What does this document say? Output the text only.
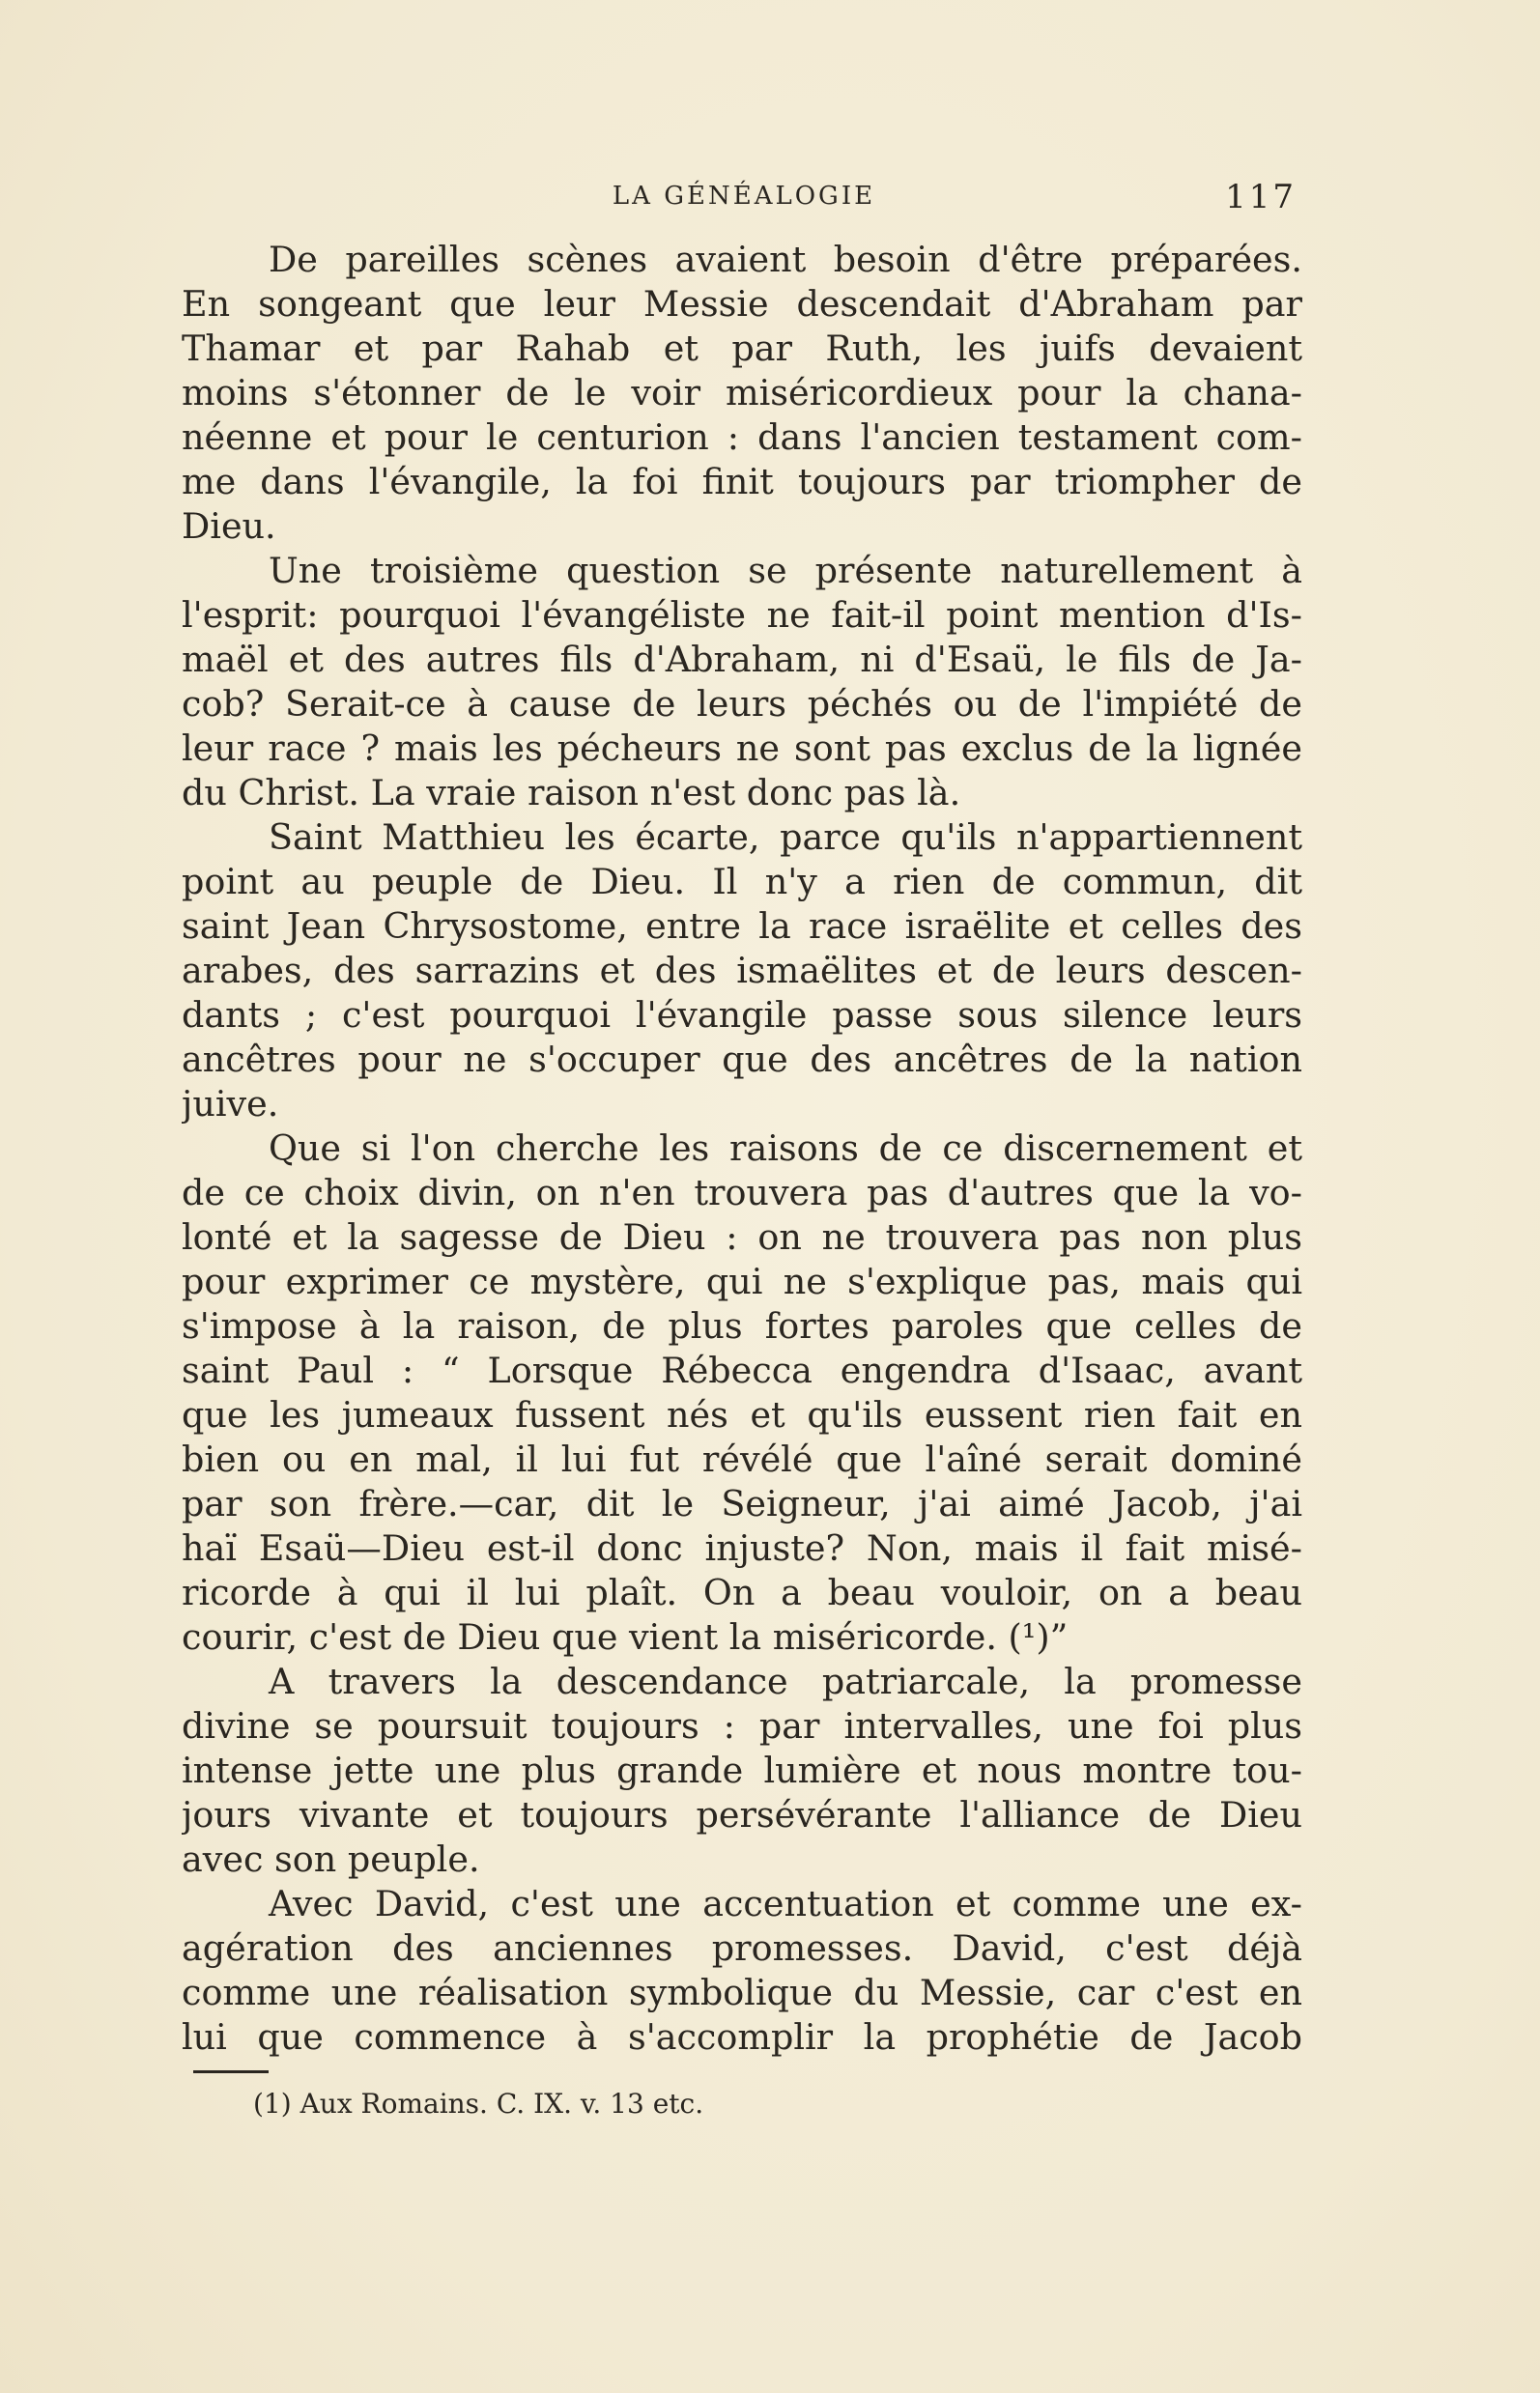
LA GÉNÉALOGIE	117
De pareilles scènes avaient besoin d'être préparées.
En songeant que leur Messie descendait d'Abraham par
Thamar et par Rahab et par Ruth, les juifs devaient
moins s'étonner de le voir miséricordieux pour la chana-
néenne et pour le centurion : dans l'ancien testament com-
me dans l'évangile, la foi finit toujours par triompher de
Dieu.
Une troisième question se présente naturellement à
l'esprit: pourquoi l'évangéliste ne fait-il point mention d'Is-
maël et des autres fils d'Abraham, ni d'Esaü, le fils de Ja-
cob? Serait-ce à cause de leurs péchés ou de l'impiété de
leur race ? mais les pécheurs ne sont pas exclus de la lignée
du Christ. La vraie raison n'est donc pas là.
Saint Matthieu les écarte, parce qu'ils n'appartiennent
point au peuple de Dieu. Il n'y a rien de commun, dit
saint Jean Chrysostome, entre la race israëlite et celles des
arabes, des sarrazins et des ismaëlites et de leurs descen-
dants ; c'est pourquoi l'évangile passe sous silence leurs
ancêtres pour ne s'occuper que des ancêtres de la nation
juive.
Que si l'on cherche les raisons de ce discernement et
de ce choix divin, on n'en trouvera pas d'autres que la vo-
lonté et la sagesse de Dieu : on ne trouvera pas non plus
pour exprimer ce mystère, qui ne s'explique pas, mais qui
s'impose à la raison, de plus fortes paroles que celles de
saint Paul : “ Lorsque Rébecca engendra d'Isaac, avant
que les jumeaux fussent nés et qu'ils eussent rien fait en
bien ou en mal, il lui fut révélé que l'aîné serait dominé
par son frère.—car, dit le Seigneur, j'ai aimé Jacob, j'ai
haï Esaü—Dieu est-il donc injuste? Non, mais il fait misé-
ricorde à qui il lui plaît. On a beau vouloir, on a beau
courir, c'est de Dieu que vient la miséricorde. (¹)”
A travers la descendance patriarcale, la promesse
divine se poursuit toujours : par intervalles, une foi plus
intense jette une plus grande lumière et nous montre tou-
jours vivante et toujours persévérante l'alliance de Dieu
avec son peuple.
Avec David, c'est une accentuation et comme une ex-
agération des anciennes promesses. David, c'est déjà
comme une réalisation symbolique du Messie, car c'est en
lui que commence à s'accomplir la prophétie de Jacob
(1) Aux Romains. C. IX. v. 13 etc.
